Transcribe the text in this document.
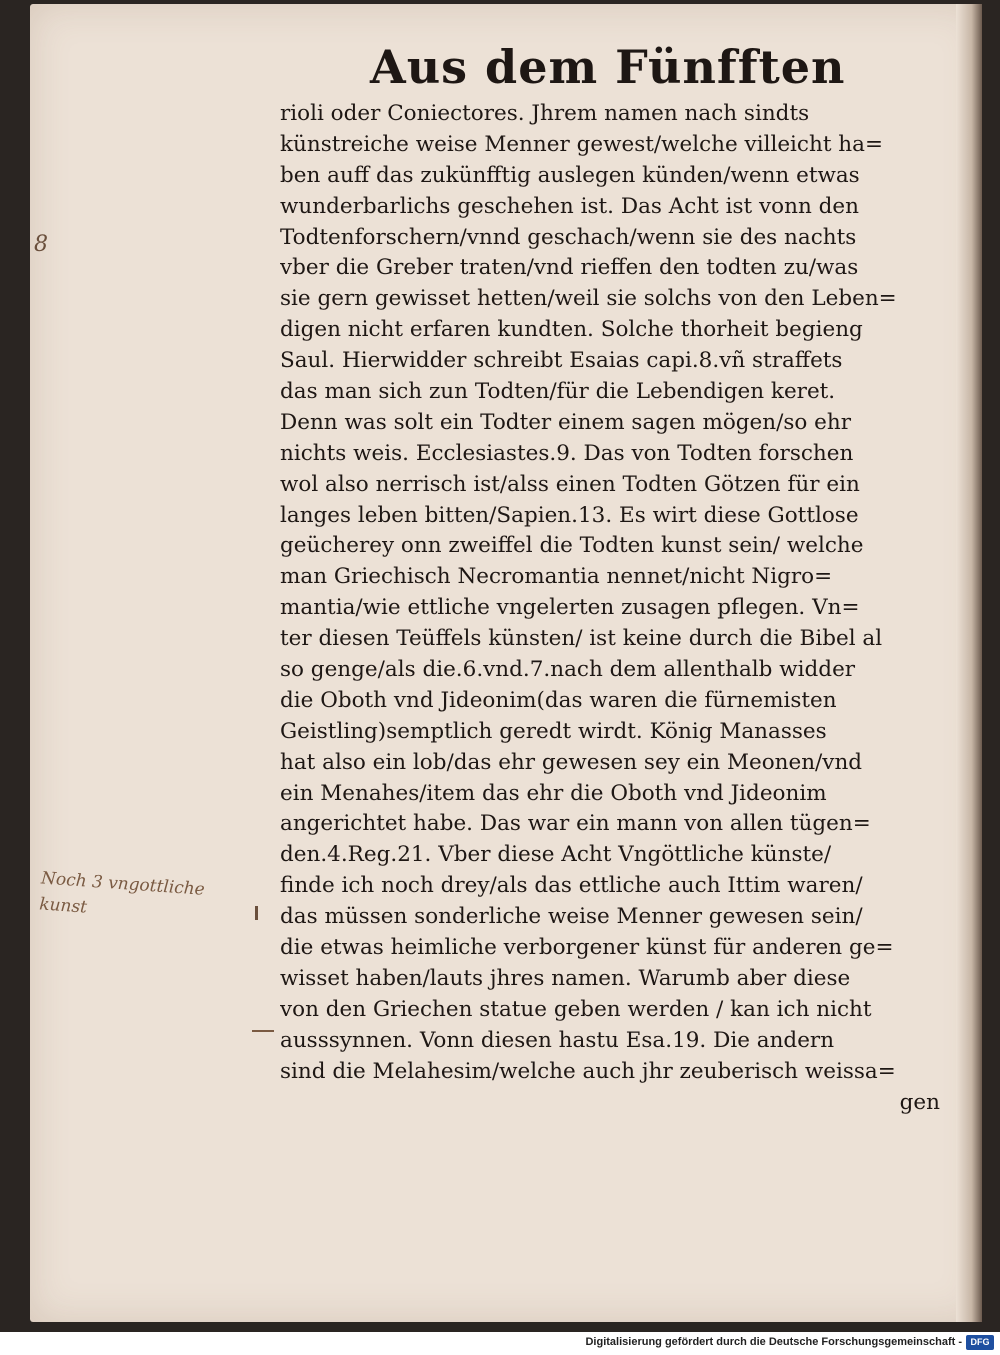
Aus dem Fünfften
rioli oder Coniectores. Jhrem namen nach sindts
künstreiche weise Menner gewest/welche villeicht ha=
ben auff das zukünfftig auslegen künden/wenn etwas
wunderbarlichs geschehen ist. Das Acht ist vonn den
Todtenforschern/vnnd geschach/wenn sie des nachts
vber die Greber traten/vnd rieffen den todten zu/was
sie gern gewisset hetten/weil sie solchs von den Leben=
digen nicht erfaren kundten. Solche thorheit begieng
Saul. Hierwidder schreibt Esaias capi.8.vñ straffets
das man sich zun Todten/für die Lebendigen keret.
Denn was solt ein Todter einem sagen mögen/so ehr
nichts weis. Ecclesiastes.9. Das von Todten forschen
wol also nerrisch ist/alss einen Todten Götzen für ein
langes leben bitten/Sapien.13. Es wirt diese Gottlose
geücherey onn zweiffel die Todten kunst sein/ welche
man Griechisch Necromantia nennet/nicht Nigro=
mantia/wie ettliche vngelerten zusagen pflegen. Vn=
ter diesen Teüffels künsten/ ist keine durch die Bibel al
so genge/als die.6.vnd.7.nach dem allenthalb widder
die Oboth vnd Jideonim(das waren die fürnemisten
Geistling)semptlich geredt wirdt. König Manasses
hat also ein lob/das ehr gewesen sey ein Meonen/vnd
ein Menahes/item das ehr die Oboth vnd Jideonim
angerichtet habe. Das war ein mann von allen tügen=
den.4.Reg.21. Vber diese Acht Vngöttliche künste/
finde ich noch drey/als das ettliche auch Ittim waren/
das müssen sonderliche weise Menner gewesen sein/
die etwas heimliche verborgener künst für anderen ge=
wisset haben/lauts jhres namen. Warumb aber diese
von den Griechen statue geben werden / kan ich nicht
ausssynnen. Vonn diesen hastu Esa.19. Die andern
sind die Melahesim/welche auch jhr zeuberisch weissa=
gen
8
Noch 3 vngottliche kunst
Digitalisierung gefördert durch die Deutsche Forschungsgemeinschaft - DFG
